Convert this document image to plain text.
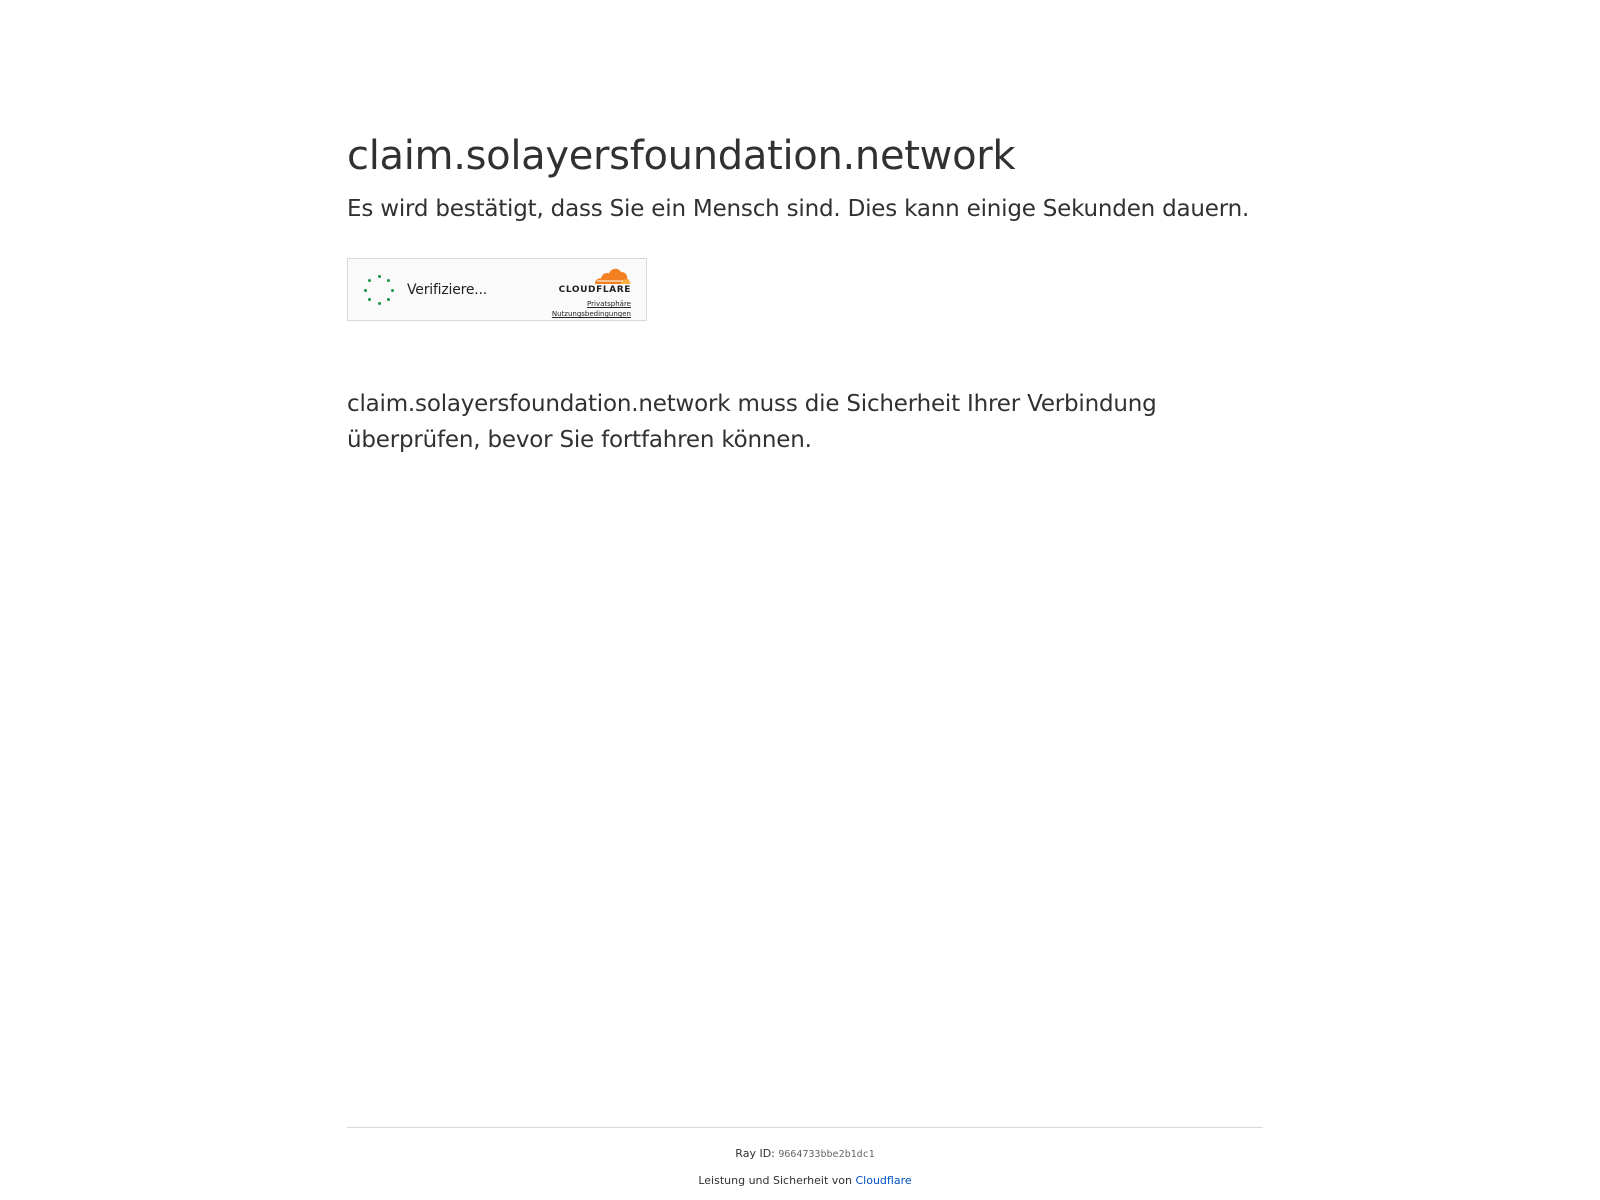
claim.solayersfoundation.network

Es wird bestätigt, dass Sie ein Mensch sind. Dies kann einige Sekunden dauern.

Verifiziere...	CLOUDFLARE
Privatsphäre
Nutzungsbedingungen

claim.solayersfoundation.network muss die Sicherheit Ihrer Verbindung überprüfen, bevor Sie fortfahren können.

Ray ID: 9664733bbe2b1dc1
Leistung und Sicherheit von Cloudflare
